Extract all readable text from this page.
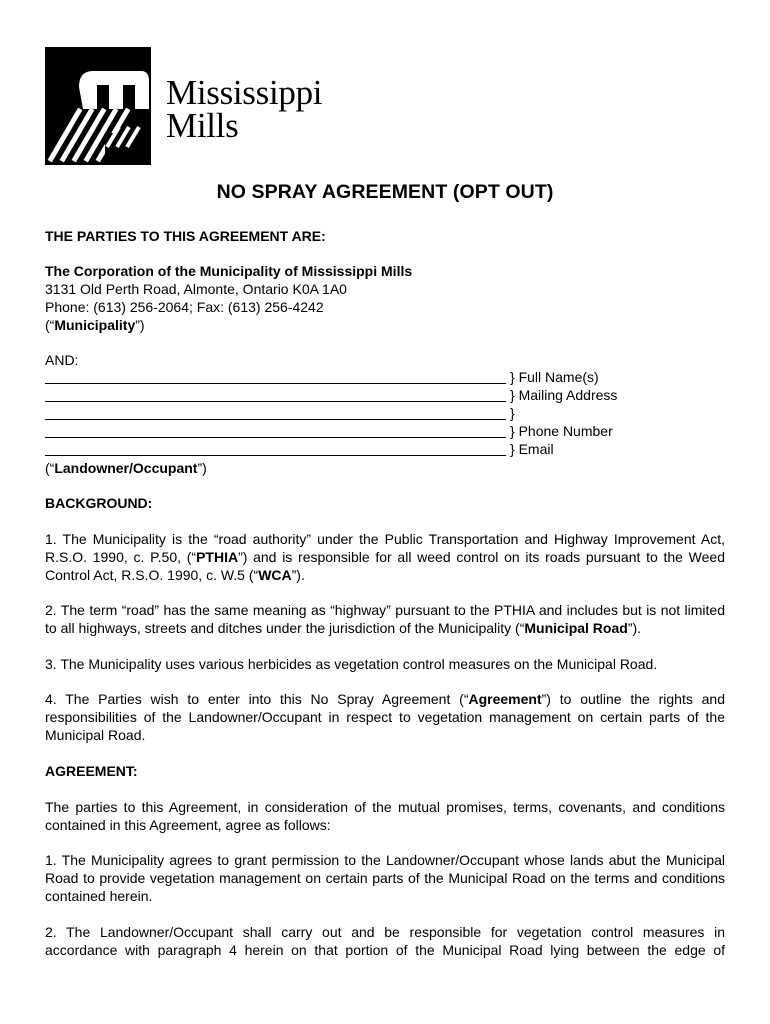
Mississippi
Mills
NO SPRAY AGREEMENT (OPT OUT)
THE PARTIES TO THIS AGREEMENT ARE:
The Corporation of the Municipality of Mississippi Mills
3131 Old Perth Road, Almonte, Ontario K0A 1A0
Phone: (613) 256-2064; Fax: (613) 256-4242
(“Municipality”)
AND:
} Full Name(s)
} Mailing Address
}
} Phone Number
} Email
(“Landowner/Occupant”)
BACKGROUND:
1. The Municipality is the “road authority” under the Public Transportation and Highway Improvement Act, R.S.O. 1990, c. P.50, (“PTHIA”) and is responsible for all weed control on its roads pursuant to the Weed Control Act, R.S.O. 1990, c. W.5 (“WCA”).
2. The term “road” has the same meaning as “highway” pursuant to the PTHIA and includes but is not limited to all highways, streets and ditches under the jurisdiction of the Municipality (“Municipal Road”).
3. The Municipality uses various herbicides as vegetation control measures on the Municipal Road.
4. The Parties wish to enter into this No Spray Agreement (“Agreement”) to outline the rights and responsibilities of the Landowner/Occupant in respect to vegetation management on certain parts of the Municipal Road.
AGREEMENT:
The parties to this Agreement, in consideration of the mutual promises, terms, covenants, and conditions contained in this Agreement, agree as follows:
1. The Municipality agrees to grant permission to the Landowner/Occupant whose lands abut the Municipal Road to provide vegetation management on certain parts of the Municipal Road on the terms and conditions contained herein.
2. The Landowner/Occupant shall carry out and be responsible for vegetation control measures in accordance with paragraph 4 herein on that portion of the Municipal Road lying between the edge of
